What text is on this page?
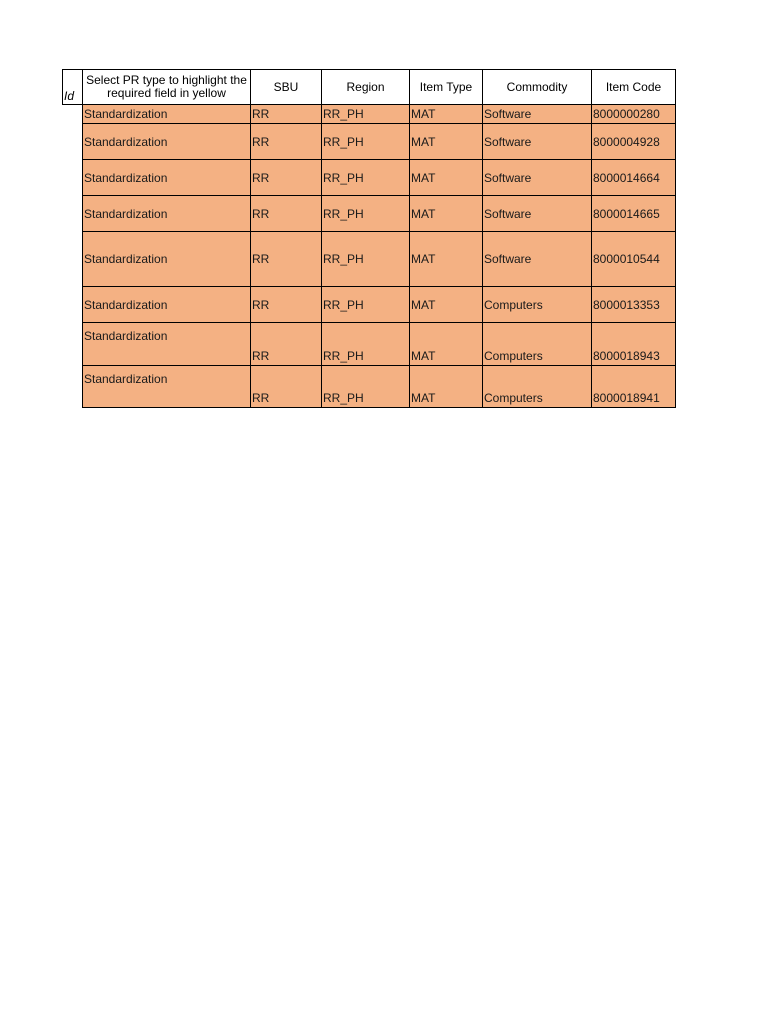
Id	Select PR type to highlight the required field in yellow	SBU	Region	Item Type	Commodity	Item Code
	Standardization	RR	RR_PH	MAT	Software	8000000280
	Standardization	RR	RR_PH	MAT	Software	8000004928
	Standardization	RR	RR_PH	MAT	Software	8000014664
	Standardization	RR	RR_PH	MAT	Software	8000014665
	Standardization	RR	RR_PH	MAT	Software	8000010544
	Standardization	RR	RR_PH	MAT	Computers	8000013353
	Standardization	RR	RR_PH	MAT	Computers	8000018943
	Standardization	RR	RR_PH	MAT	Computers	8000018941
